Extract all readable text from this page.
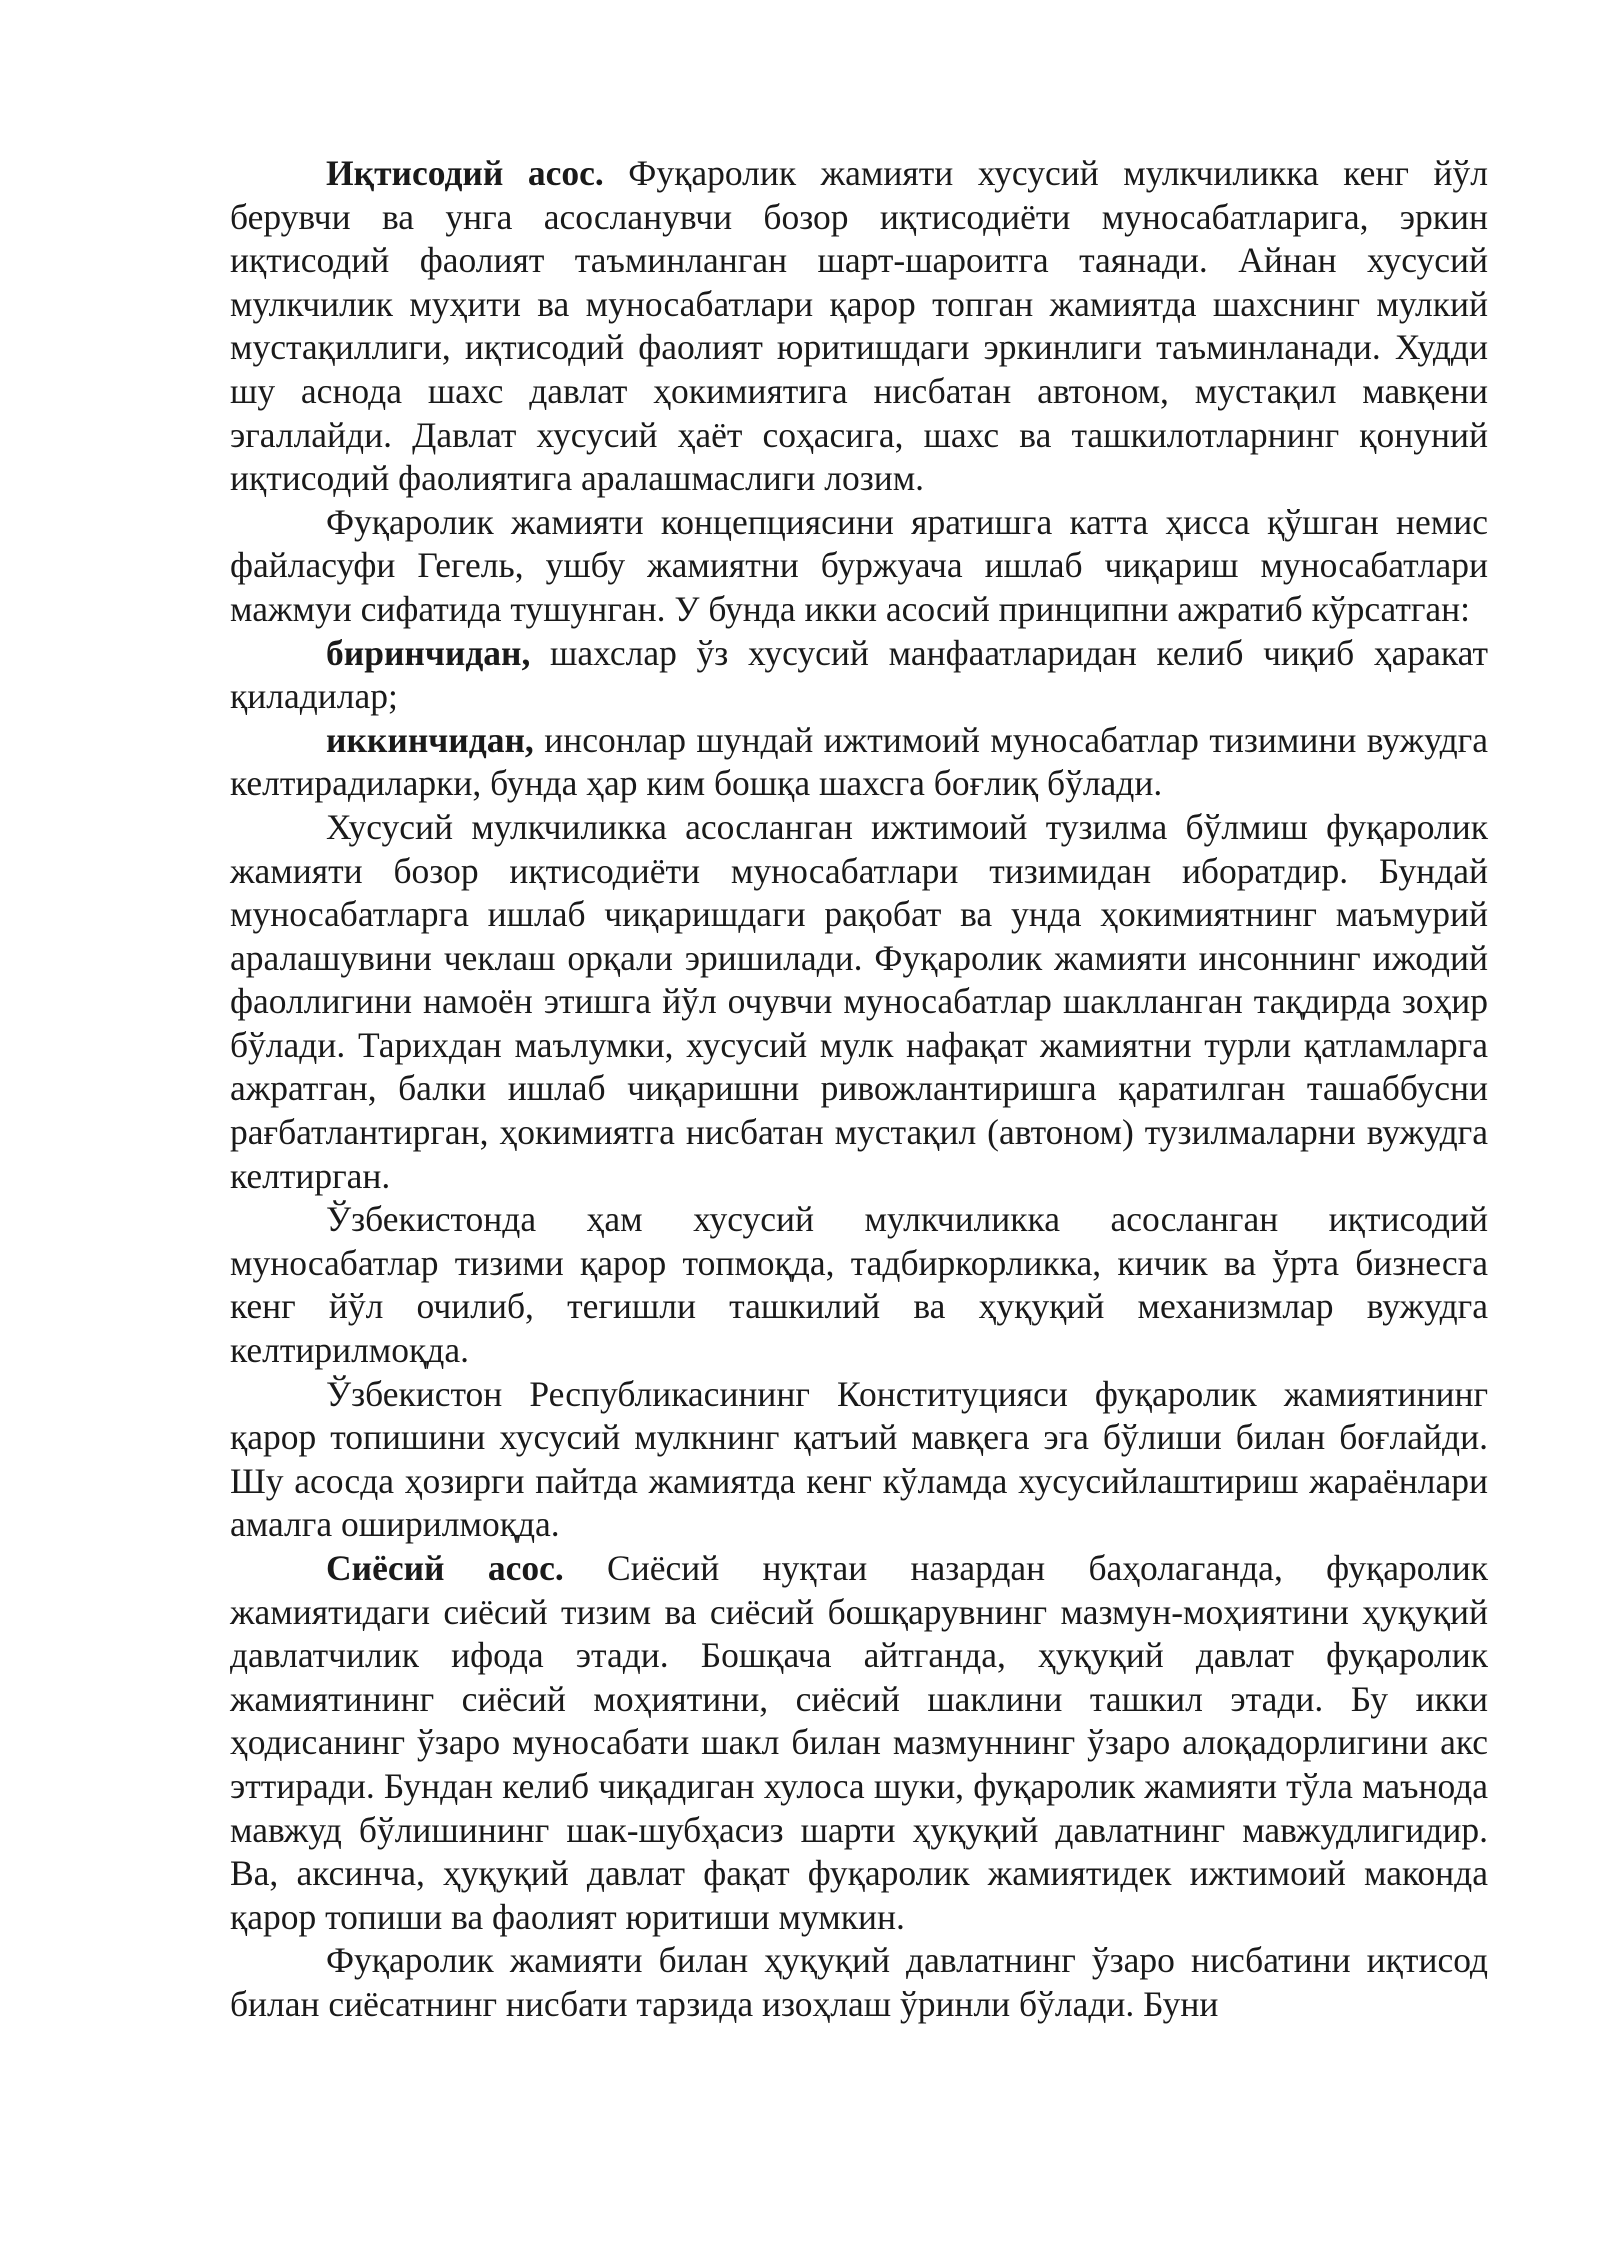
Иқтисодий асос. Фуқаролик жамияти хусусий мулкчиликка кенг йўл берувчи ва унга асосланувчи бозор иқтисодиёти муносабатларига, эркин иқтисодий фаолият таъминланган шарт-шароитга таянади. Айнан хусусий мулкчилик муҳити ва муносабатлари қарор топган жамиятда шахснинг мулкий мустақиллиги, иқтисодий фаолият юритишдаги эркинлиги таъминланади. Худди шу аснода шахс давлат ҳокимиятига нисбатан автоном, мустақил мавқени эгаллайди. Давлат хусусий ҳаёт соҳасига, шахс ва ташкилотларнинг қонуний иқтисодий фаолиятига аралашмаслиги лозим.

Фуқаролик жамияти концепциясини яратишга катта ҳисса қўшган немис файласуфи Гегель, ушбу жамиятни буржуача ишлаб чиқариш муносабатлари мажмуи сифатида тушунган. У бунда икки асосий принципни ажратиб кўрсатган:

биринчидан, шахслар ўз хусусий манфаатларидан келиб чиқиб ҳаракат қиладилар;

иккинчидан, инсонлар шундай ижтимоий муносабатлар тизимини вужудга келтирадиларки, бунда ҳар ким бошқа шахсга боғлиқ бўлади.

Хусусий мулкчиликка асосланган ижтимоий тузилма бўлмиш фуқаролик жамияти бозор иқтисодиёти муносабатлари тизимидан иборатдир. Бундай муносабатларга ишлаб чиқаришдаги рақобат ва унда ҳокимиятнинг маъмурий аралашувини чеклаш орқали эришилади. Фуқаролик жамияти инсоннинг ижодий фаоллигини намоён этишга йўл очувчи муносабатлар шаклланган тақдирда зоҳир бўлади. Тарихдан маълумки, хусусий мулк нафақат жамиятни турли қатламларга ажратган, балки ишлаб чиқаришни ривожлантиришга қаратилган ташаббусни рағбатлантирган, ҳокимиятга нисбатан мустақил (автоном) тузилмаларни вужудга келтирган.

Ўзбекистонда ҳам хусусий мулкчиликка асосланган иқтисодий муносабатлар тизими қарор топмоқда, тадбиркорликка, кичик ва ўрта бизнесга кенг йўл очилиб, тегишли ташкилий ва ҳуқуқий механизмлар вужудга келтирилмоқда.

Ўзбекистон Республикасининг Конституцияси фуқаролик жамиятининг қарор топишини хусусий мулкнинг қатъий мавқега эга бўлиши билан боғлайди. Шу асосда ҳозирги пайтда жамиятда кенг кўламда хусусийлаштириш жараёнлари амалга оширилмоқда.

Сиёсий асос. Сиёсий нуқтаи назардан баҳолаганда, фуқаролик жамиятидаги сиёсий тизим ва сиёсий бошқарувнинг мазмун-моҳиятини ҳуқуқий давлатчилик ифода этади. Бошқача айтганда, ҳуқуқий давлат фуқаролик жамиятининг сиёсий моҳиятини, сиёсий шаклини ташкил этади. Бу икки ҳодисанинг ўзаро муносабати шакл билан мазмуннинг ўзаро алоқадорлигини акс эттиради. Бундан келиб чиқадиган хулоса шуки, фуқаролик жамияти тўла маънода мавжуд бўлишининг шак-шубҳасиз шарти ҳуқуқий давлатнинг мавжудлигидир. Ва, аксинча, ҳуқуқий давлат фақат фуқаролик жамиятидек ижтимоий маконда қарор топиши ва фаолият юритиши мумкин.

Фуқаролик жамияти билан ҳуқуқий давлатнинг ўзаро нисбатини иқтисод билан сиёсатнинг нисбати тарзида изоҳлаш ўринли бўлади. Буни
